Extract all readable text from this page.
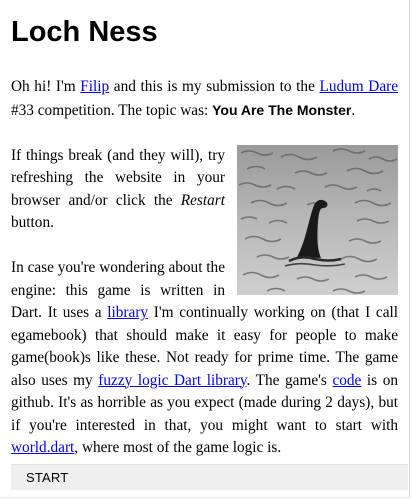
Loch Ness

Oh hi! I'm Filip and this is my submission to the Ludum Dare #33 competition. The topic was: You Are The Monster.

If things break (and they will), try refreshing the website in your browser and/or click the Restart button.

In case you're wondering about the engine: this game is written in Dart. It uses a library I'm continually working on (that I call egamebook) that should make it easy for people to make game(book)s like these. Not ready for prime time. The game also uses my fuzzy logic Dart library. The game's code is on github. It's as horrible as you expect (made during 2 days), but if you're interested in that, you might want to start with world.dart, where most of the game logic is.

START
